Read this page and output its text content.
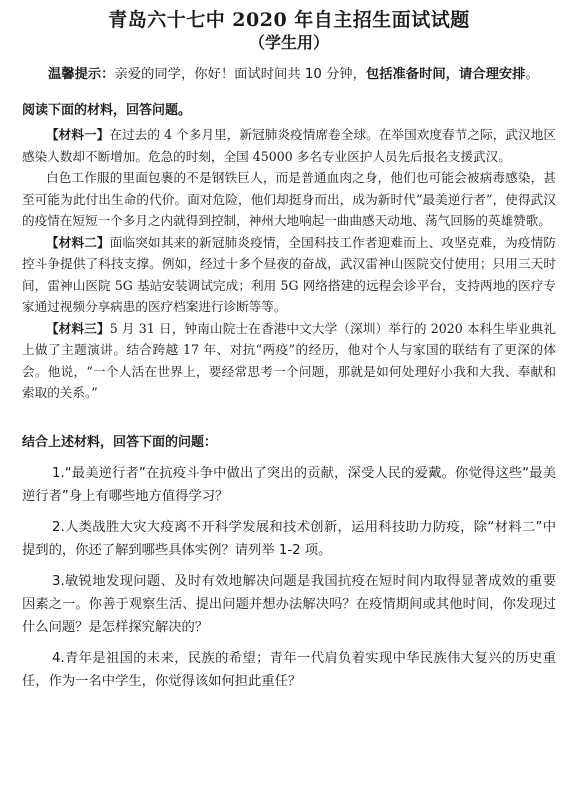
青岛六十七中 2020 年自主招生面试试题
（学生用）

温馨提示：亲爱的同学，你好！面试时间共 10 分钟，包括准备时间，请合理安排。

阅读下面的材料，回答问题。

【材料一】在过去的 4 个多月里，新冠肺炎疫情席卷全球。在举国欢度春节之际，武汉地区感染人数却不断增加。危急的时刻，全国 45000 多名专业医护人员先后报名支援武汉。

白色工作服的里面包裹的不是钢铁巨人，而是普通血肉之身，他们也可能会被病毒感染，甚至可能为此付出生命的代价。面对危险，他们却挺身而出，成为新时代“最美逆行者”，使得武汉的疫情在短短一个多月之内就得到控制，神州大地响起一曲曲感天动地、荡气回肠的英雄赞歌。

【材料二】面临突如其来的新冠肺炎疫情，全国科技工作者迎难而上、攻坚克难，为疫情防控斗争提供了科技支撑。例如，经过十多个昼夜的奋战，武汉雷神山医院交付使用；只用三天时间，雷神山医院 5G 基站安装调试完成；利用 5G 网络搭建的远程会诊平台，支持两地的医疗专家通过视频分享病患的医疗档案进行诊断等等。

【材料三】5 月 31 日，钟南山院士在香港中文大学（深圳）举行的 2020 本科生毕业典礼上做了主题演讲。结合跨越 17 年、对抗“两疫”的经历，他对个人与家国的联结有了更深的体会。他说，“一个人活在世界上，要经常思考一个问题，那就是如何处理好小我和大我、奉献和索取的关系。”

结合上述材料，回答下面的问题：

1.“最美逆行者”在抗疫斗争中做出了突出的贡献，深受人民的爱戴。你觉得这些“最美逆行者”身上有哪些地方值得学习？

2.人类战胜大灾大疫离不开科学发展和技术创新，运用科技助力防疫，除“材料二”中提到的，你还了解到哪些具体实例？请列举 1-2 项。

3.敏锐地发现问题、及时有效地解决问题是我国抗疫在短时间内取得显著成效的重要因素之一。你善于观察生活、提出问题并想办法解决吗？在疫情期间或其他时间，你发现过什么问题？是怎样探究解决的？

4.青年是祖国的未来，民族的希望；青年一代肩负着实现中华民族伟大复兴的历史重任，作为一名中学生，你觉得该如何担此重任？
